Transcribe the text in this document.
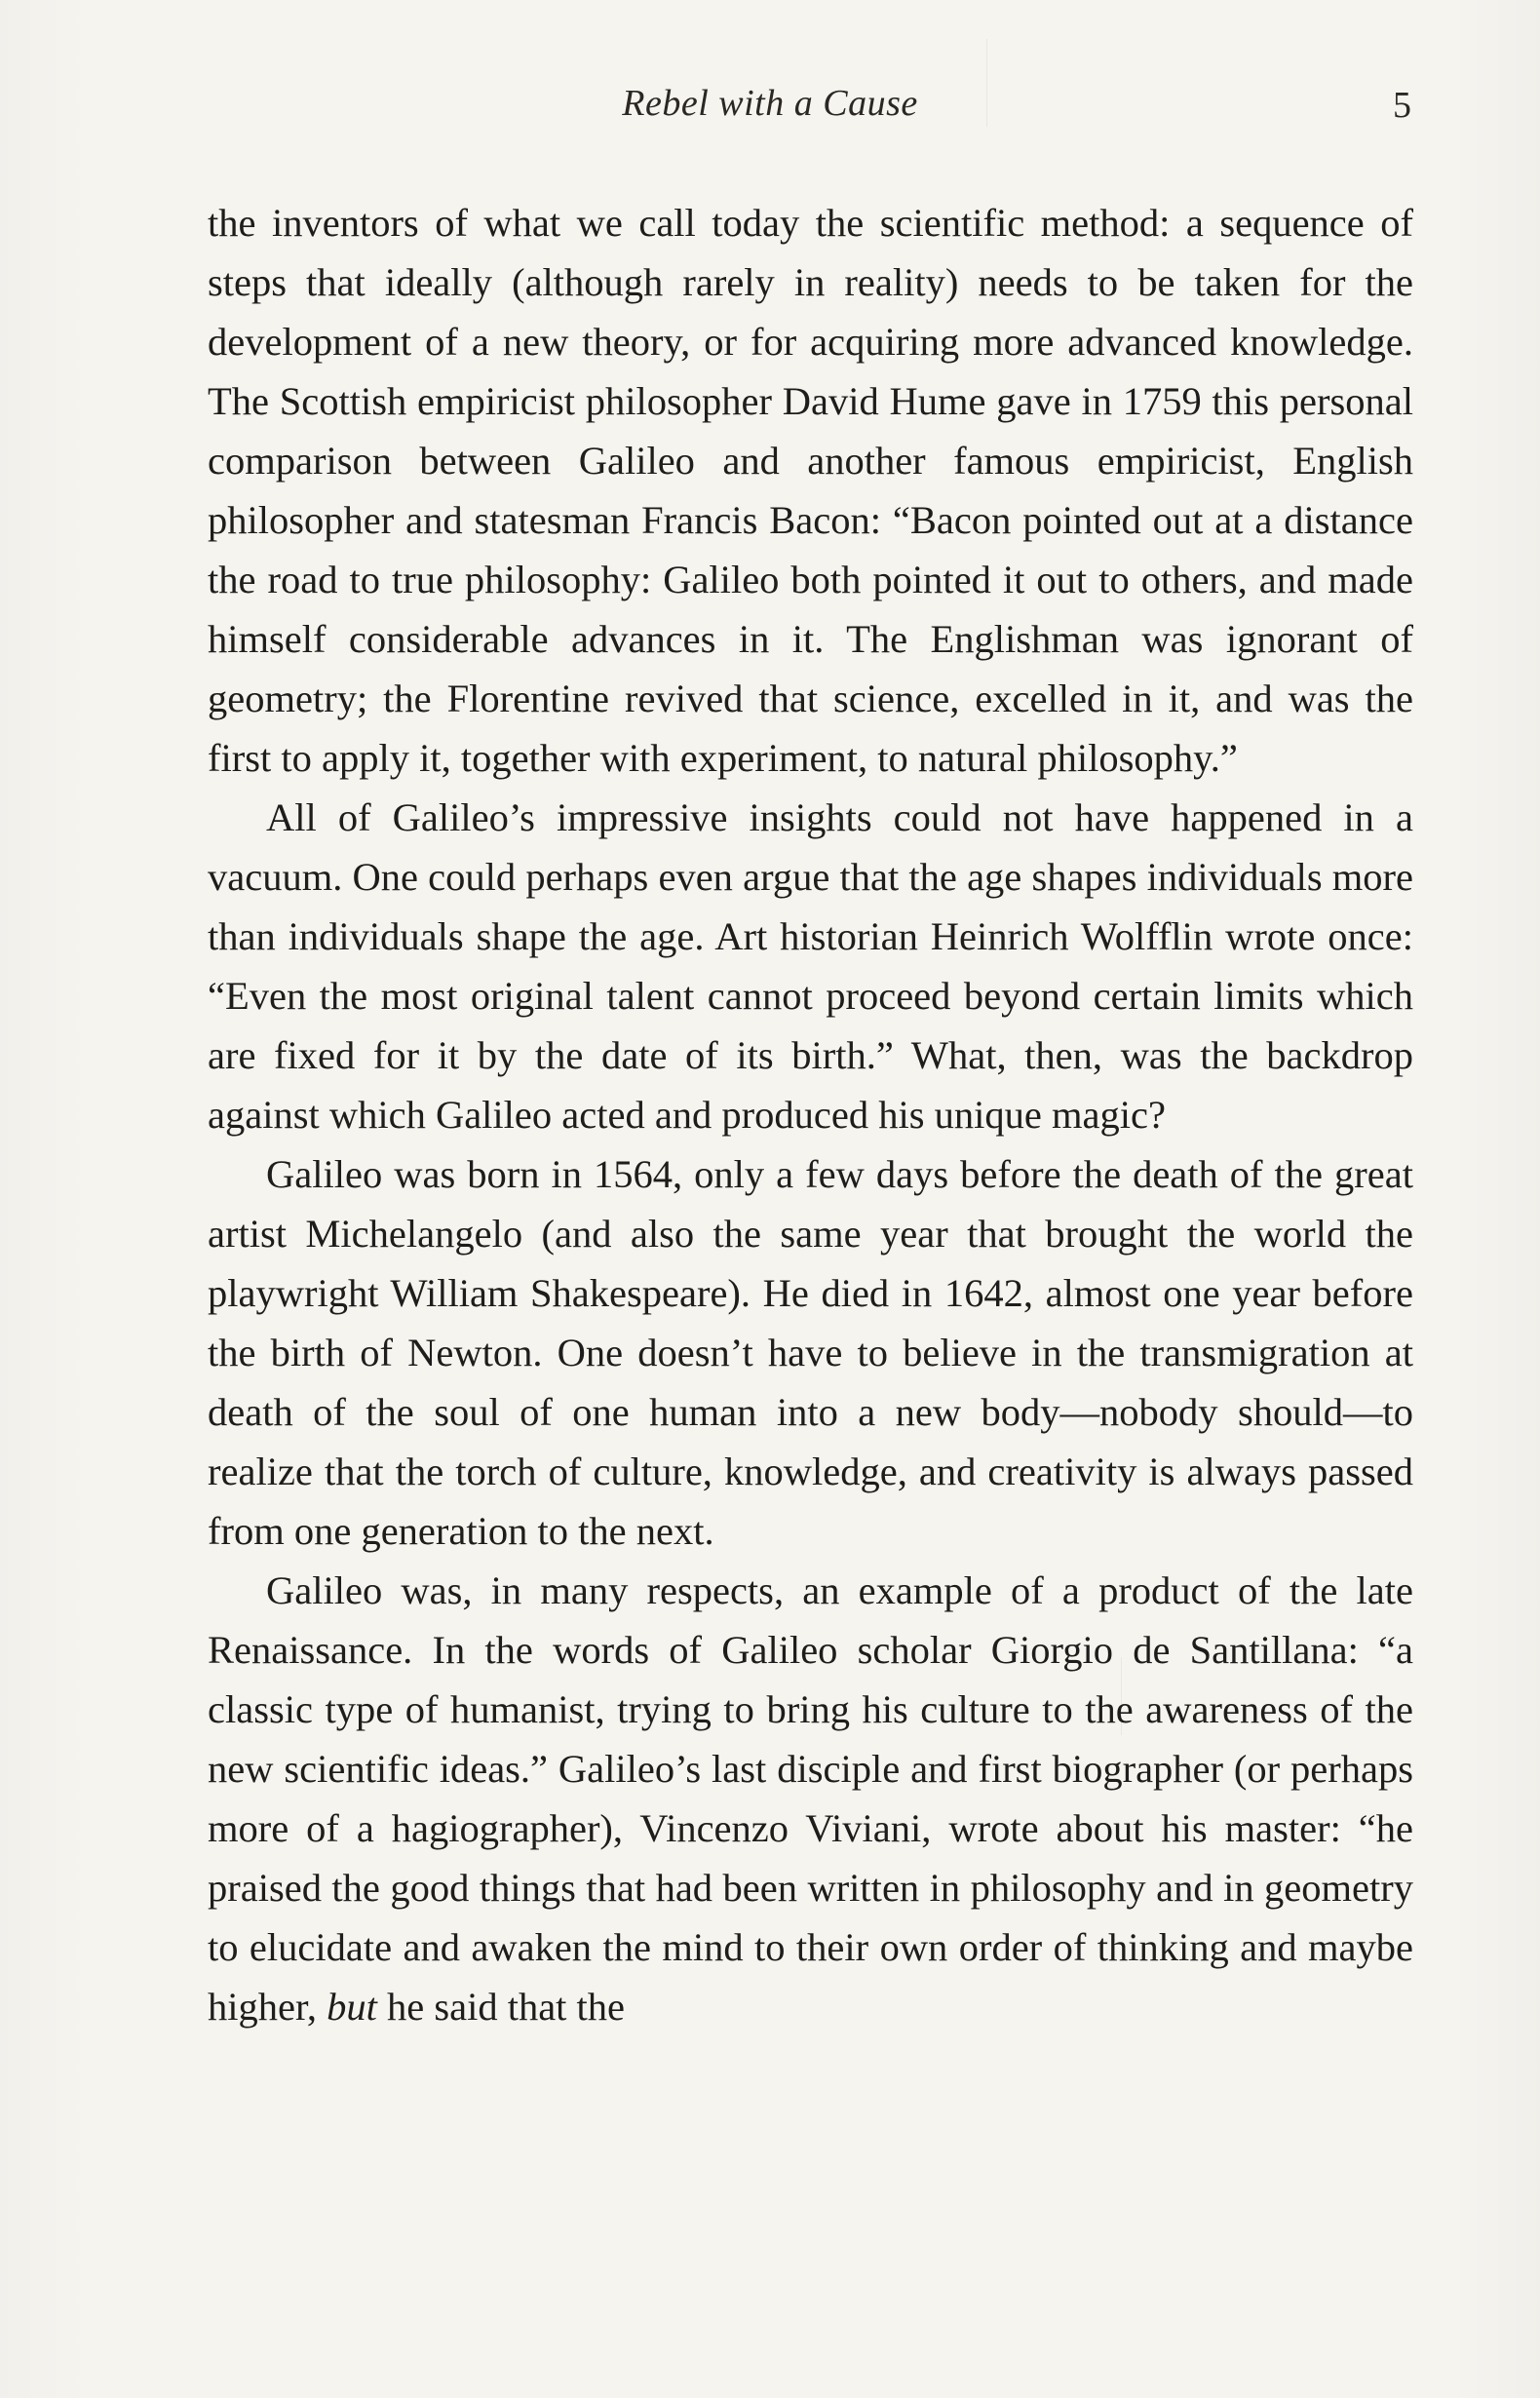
Rebel with a Cause	5

the inventors of what we call today the scientific method: a sequence of steps that ideally (although rarely in reality) needs to be taken for the development of a new theory, or for acquiring more advanced knowledge. The Scottish empiricist philosopher David Hume gave in 1759 this personal comparison between Galileo and another famous empiricist, English philosopher and statesman Francis Bacon: “Bacon pointed out at a distance the road to true philosophy: Galileo both pointed it out to others, and made himself considerable advances in it. The Englishman was ignorant of geometry; the Florentine revived that science, excelled in it, and was the first to apply it, together with experiment, to natural philosophy.”

All of Galileo’s impressive insights could not have happened in a vacuum. One could perhaps even argue that the age shapes individuals more than individuals shape the age. Art historian Heinrich Wolfflin wrote once: “Even the most original talent cannot proceed beyond certain limits which are fixed for it by the date of its birth.” What, then, was the backdrop against which Galileo acted and produced his unique magic?

Galileo was born in 1564, only a few days before the death of the great artist Michelangelo (and also the same year that brought the world the playwright William Shakespeare). He died in 1642, almost one year before the birth of Newton. One doesn’t have to believe in the transmigration at death of the soul of one human into a new body—nobody should—to realize that the torch of culture, knowledge, and creativity is always passed from one generation to the next.

Galileo was, in many respects, an example of a product of the late Renaissance. In the words of Galileo scholar Giorgio de Santillana: “a classic type of humanist, trying to bring his culture to the awareness of the new scientific ideas.” Galileo’s last disciple and first biographer (or perhaps more of a hagiographer), Vincenzo Viviani, wrote about his master: “he praised the good things that had been written in philosophy and in geometry to elucidate and awaken the mind to their own order of thinking and maybe higher, but he said that the
